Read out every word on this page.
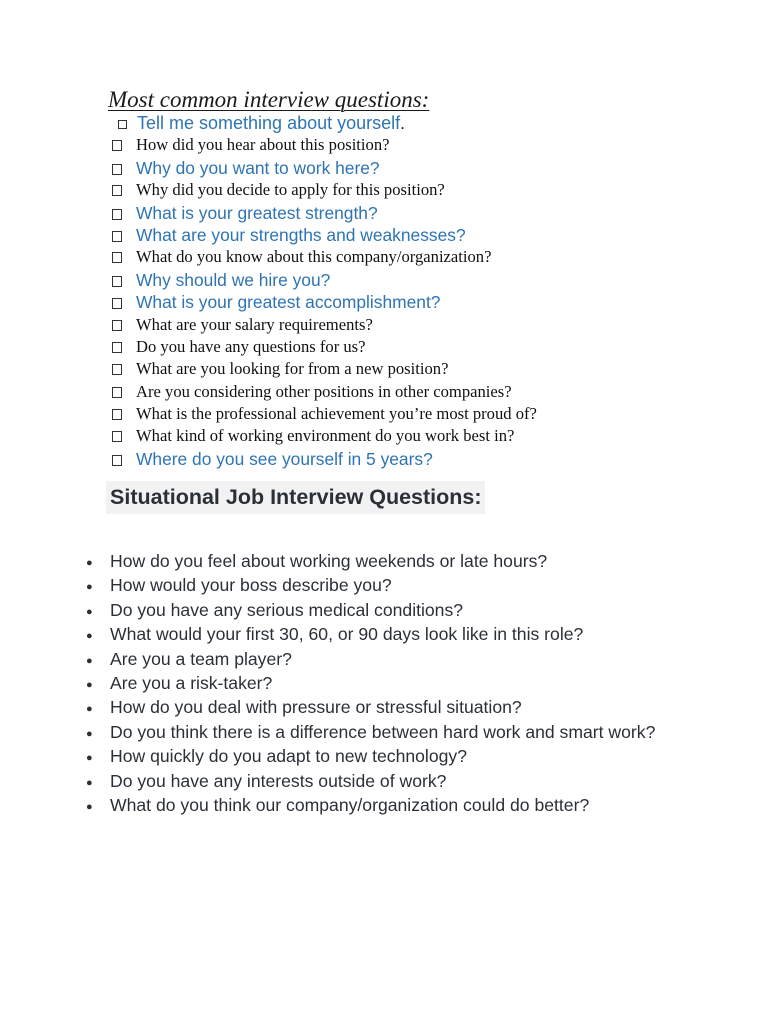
Most common interview questions:
Tell me something about yourself .
How did you hear about this position?
Why do you want to work here?
Why did you decide to apply for this position?
What is your greatest strength?
What are your strengths and weaknesses?
What do you know about this company/organization?
Why should we hire you?
What is your greatest accomplishment?
What are your salary requirements?
Do you have any questions for us?
What are you looking for from a new position?
Are you considering other positions in other companies?
What is the professional achievement you’re most proud of?
What kind of working environment do you work best in?
Where do you see yourself in 5 years?
Situational Job Interview Questions:
● How do you feel about working weekends or late hours?
● How would your boss describe you?
● Do you have any serious medical conditions?
● What would your first 30, 60, or 90 days look like in this role?
● Are you a team player?
● Are you a risk-taker?
● How do you deal with pressure or stressful situation?
● Do you think there is a difference between hard work and smart work?
● How quickly do you adapt to new technology?
● Do you have any interests outside of work?
● What do you think our company/organization could do better?
